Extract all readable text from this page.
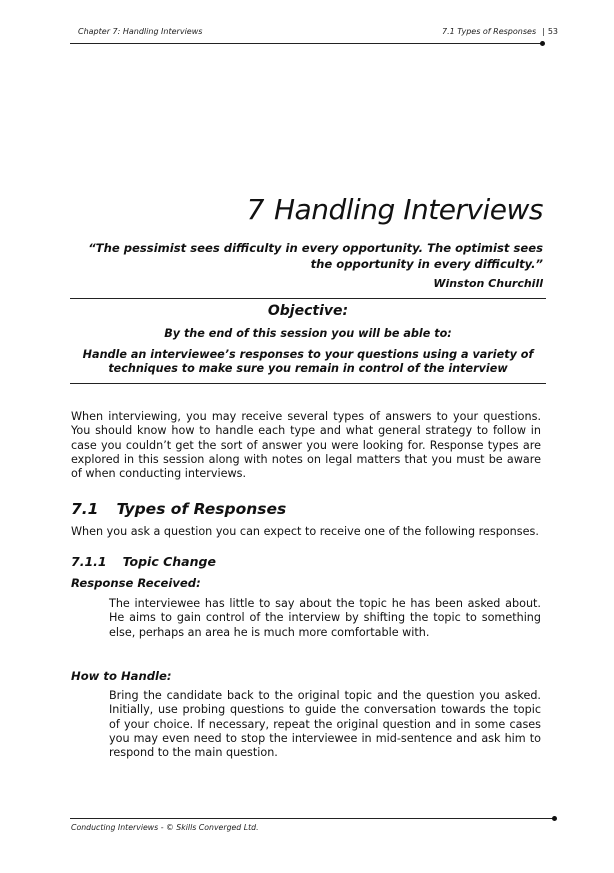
Chapter 7: Handling Interviews	7.1 Types of Responses | 53
7 Handling Interviews
“The pessimist sees difficulty in every opportunity. The optimist sees the opportunity in every difficulty.”
Winston Churchill
Objective:
By the end of this session you will be able to:
Handle an interviewee’s responses to your questions using a variety of techniques to make sure you remain in control of the interview
When interviewing, you may receive several types of answers to your questions. You should know how to handle each type and what general strategy to follow in case you couldn’t get the sort of answer you were looking for. Response types are explored in this session along with notes on legal matters that you must be aware of when conducting interviews.
7.1 Types of Responses
When you ask a question you can expect to receive one of the following responses.
7.1.1 Topic Change
Response Received:
The interviewee has little to say about the topic he has been asked about. He aims to gain control of the interview by shifting the topic to something else, perhaps an area he is much more comfortable with.
How to Handle:
Bring the candidate back to the original topic and the question you asked. Initially, use probing questions to guide the conversation towards the topic of your choice. If necessary, repeat the original question and in some cases you may even need to stop the interviewee in mid-sentence and ask him to respond to the main question.
Conducting Interviews - © Skills Converged Ltd.
